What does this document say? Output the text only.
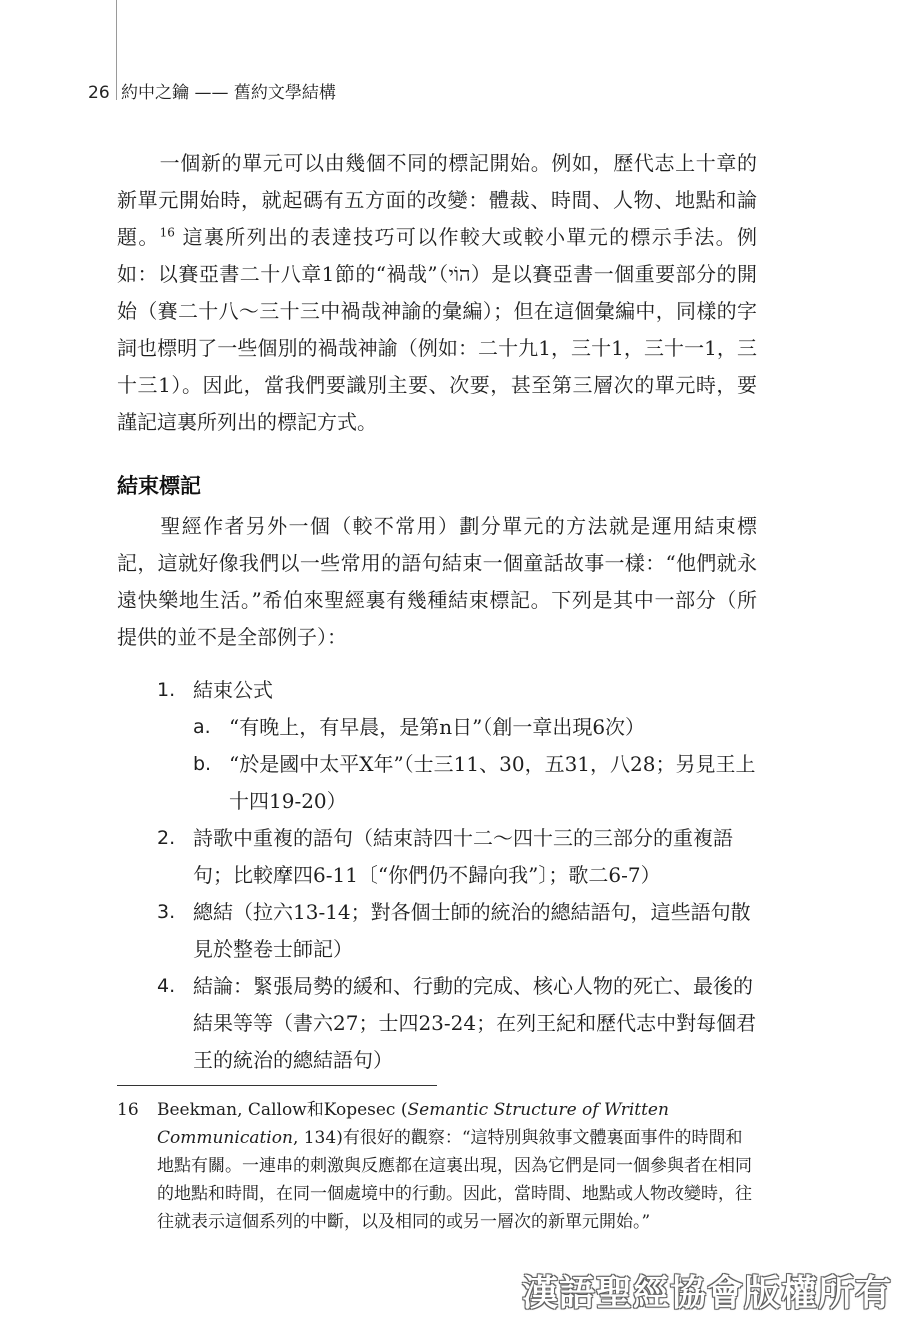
26 約中之鑰 —— 舊約文學結構

一個新的單元可以由幾個不同的標記開始。例如，歷代志上十章的新單元開始時，就起碼有五方面的改變：體裁、時間、人物、地點和論題。$^{16}$ 這裏所列出的表達技巧可以作較大或較小單元的標示手法。例如：以賽亞書二十八章1節的“禍哉”（הוֹי）是以賽亞書一個重要部分的開始（賽二十八～三十三中禍哉神諭的彙編）；但在這個彙編中，同樣的字詞也標明了一些個別的禍哉神諭（例如：二十九1，三十1，三十一1，三十三1）。因此，當我們要識別主要、次要，甚至第三層次的單元時，要謹記這裏所列出的標記方式。

結束標記

聖經作者另外一個（較不常用）劃分單元的方法就是運用結束標記，這就好像我們以一些常用的語句結束一個童話故事一樣：“他們就永遠快樂地生活。”希伯來聖經裏有幾種結束標記。下列是其中一部分（所提供的並不是全部例子）：

1. 結束公式
a. “有晚上，有早晨，是第n日”（創一章出現6次）
b. “於是國中太平X年”（士三11、30，五31，八28；另見王上十四19-20）
2. 詩歌中重複的語句（結束詩四十二～四十三的三部分的重複語句；比較摩四6-11〔“你們仍不歸向我”〕；歌二6-7）
3. 總結（拉六13-14；對各個士師的統治的總結語句，這些語句散見於整卷士師記）
4. 結論：緊張局勢的緩和、行動的完成、核心人物的死亡、最後的結果等等（書六27；士四23-24；在列王紀和歷代志中對每個君王的統治的總結語句）
16	Beekman, Callow和Kopesec (Semantic Structure of Written Communication, 134)有很好的觀察：“這特別與敘事文體裏面事件的時間和地點有關。一連串的刺激與反應都在這裏出現，因為它們是同一個參與者在相同的地點和時間，在同一個處境中的行動。因此，當時間、地點或人物改變時，往往就表示這個系列的中斷，以及相同的或另一層次的新單元開始。”
漢語聖經協會版權所有
